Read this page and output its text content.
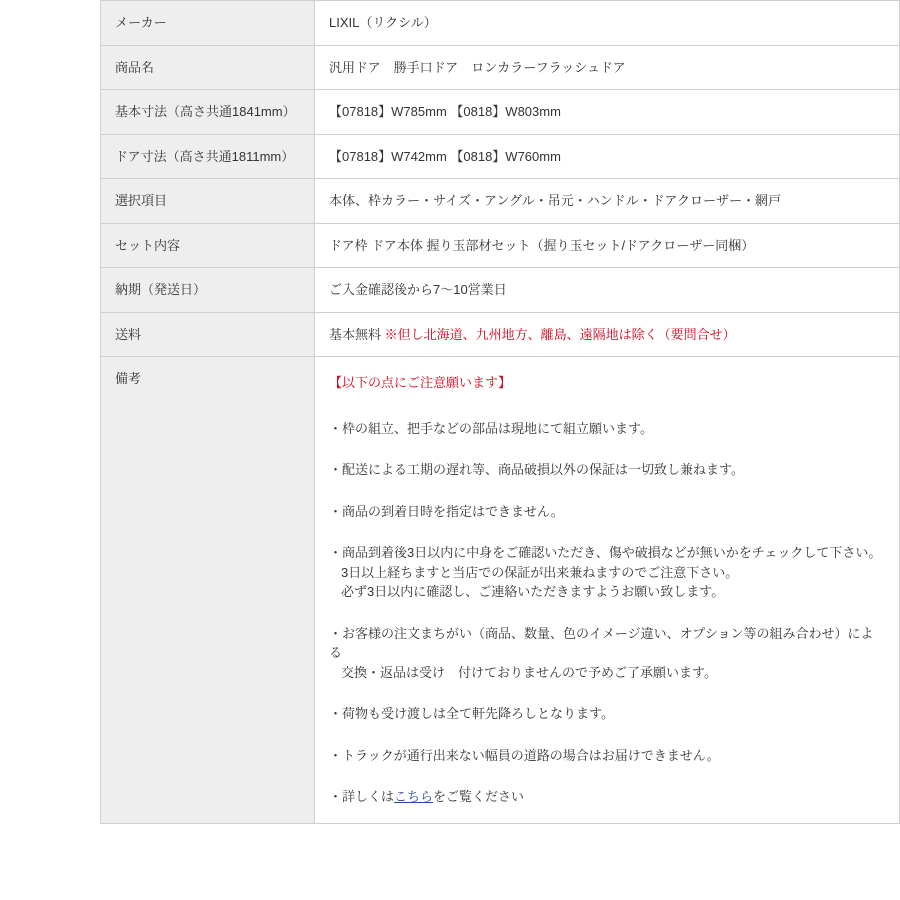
メーカー	LIXIL（リクシル）
商品名	汎用ドア　勝手口ドア　ロンカラーフラッシュドア
基本寸法（高さ共通1841mm）	【07818】W785mm 【0818】W803mm
ドア寸法（高さ共通1811mm）	【07818】W742mm 【0818】W760mm
選択項目	本体、枠カラー・サイズ・アングル・吊元・ハンドル・ドアクローザー・網戸
セット内容	ドア枠 ドア本体 握り玉部材セット（握り玉セット/ドアクローザー同梱）
納期（発送日）	ご入金確認後から7〜10営業日
送料	基本無料 ※但し北海道、九州地方、離島、遠隔地は除く（要問合せ）
備考	【以下の点にご注意願います】
・枠の組立、把手などの部品は現地にて組立願います。
・配送による工期の遅れ等、商品破損以外の保証は一切致し兼ねます。
・商品の到着日時を指定はできません。
・商品到着後3日以内に中身をご確認いただき、傷や破損などが無いかをチェックして下さい。
3日以上経ちますと当店での保証が出来兼ねますのでご注意下さい。
必ず3日以内に確認し、ご連絡いただきますようお願い致します。
・お客様の注文まちがい（商品、数量、色のイメージ違い、オプション等の組み合わせ）による
交換・返品は受け　付けておりませんので予めご了承願います。
・荷物も受け渡しは全て軒先降ろしとなります。
・トラックが通行出来ない幅員の道路の場合はお届けできません。
・詳しくはこちらをご覧ください
